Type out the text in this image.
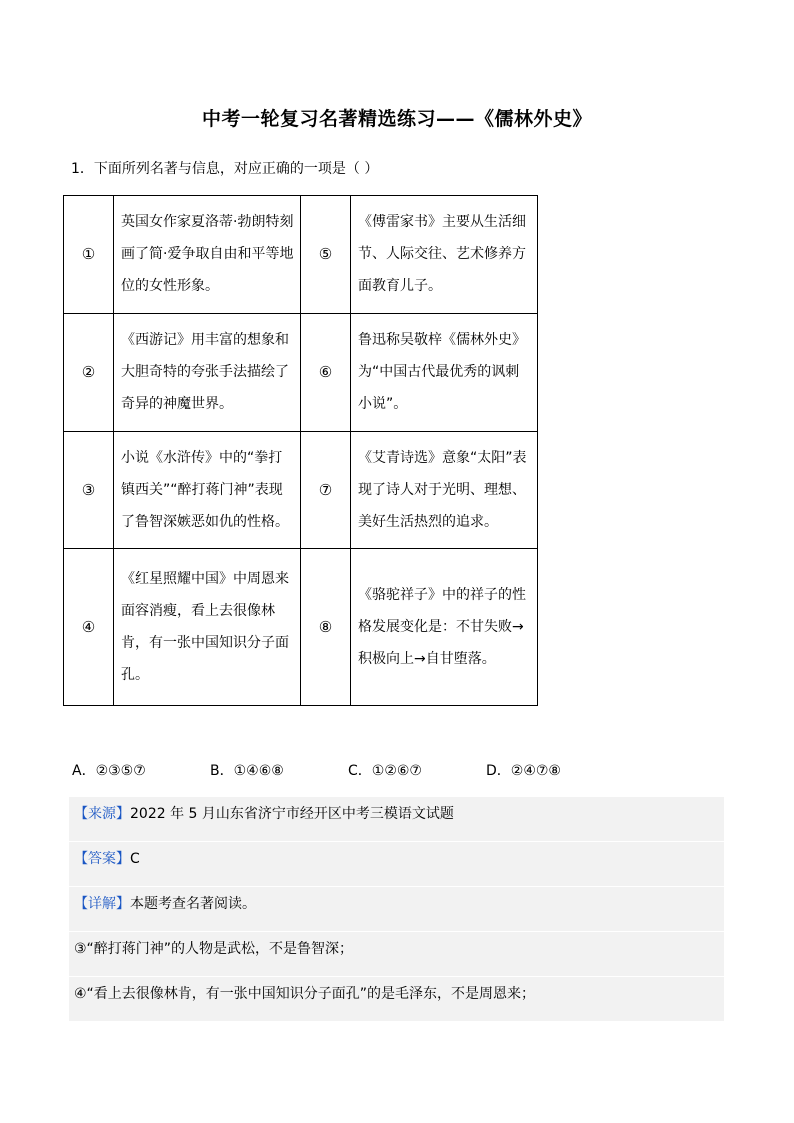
中考一轮复习名著精选练习——《儒林外史》
1．下面所列名著与信息，对应正确的一项是（ ）
①	英国女作家夏洛蒂·勃朗特刻画了简·爱争取自由和平等地位的女性形象。	⑤	《傅雷家书》主要从生活细节、人际交往、艺术修养方面教育儿子。
②	《西游记》用丰富的想象和大胆奇特的夸张手法描绘了奇异的神魔世界。	⑥	鲁迅称吴敬梓《儒林外史》为“中国古代最优秀的讽刺小说”。
③	小说《水浒传》中的“拳打镇西关”“醉打蒋门神”表现了鲁智深嫉恶如仇的性格。	⑦	《艾青诗选》意象“太阳”表现了诗人对于光明、理想、美好生活热烈的追求。
④	《红星照耀中国》中周恩来面容消瘦，看上去很像林肯，有一张中国知识分子面孔。	⑧	《骆驼祥子》中的祥子的性格发展变化是：不甘失败→积极向上→自甘堕落。
A．②③⑤⑦	B．①④⑥⑧	C．①②⑥⑦	D．②④⑦⑧
【来源】2022 年 5 月山东省济宁市经开区中考三模语文试题
【答案】C
【详解】本题考查名著阅读。
③“醉打蒋门神”的人物是武松，不是鲁智深；
④“看上去很像林肯，有一张中国知识分子面孔”的是毛泽东，不是周恩来；
